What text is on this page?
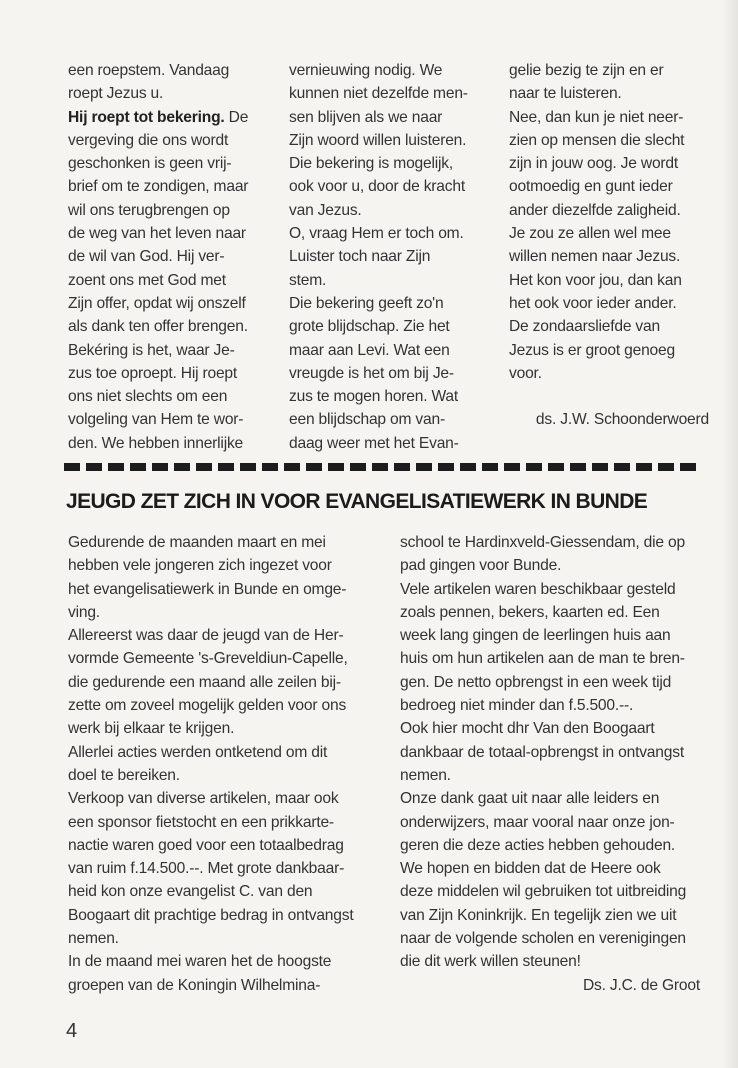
een roepstem. Vandaag

roept Jezus u.

Hij roept tot bekering. De

vergeving die ons wordt

geschonken is geen vrij-

brief om te zondigen, maar

wil ons terugbrengen op

de weg van het leven naar

de wil van God. Hij ver-

zoent ons met God met

Zijn offer, opdat wij onszelf

als dank ten offer brengen.

Bekéring is het, waar Je-

zus toe oproept. Hij roept

ons niet slechts om een

volgeling van Hem te wor-

den. We hebben innerlijke

vernieuwing nodig. We

kunnen niet dezelfde men-

sen blijven als we naar

Zijn woord willen luisteren.

Die bekering is mogelijk,

ook voor u, door de kracht

van Jezus.

O, vraag Hem er toch om.

Luister toch naar Zijn

stem.

Die bekering geeft zo'n

grote blijdschap. Zie het

maar aan Levi. Wat een

vreugde is het om bij Je-

zus te mogen horen. Wat

een blijdschap om van-

daag weer met het Evan-

gelie bezig te zijn en er

naar te luisteren.

Nee, dan kun je niet neer-

zien op mensen die slecht

zijn in jouw oog. Je wordt

ootmoedig en gunt ieder

ander diezelfde zaligheid.

Je zou ze allen wel mee

willen nemen naar Jezus.

Het kon voor jou, dan kan

het ook voor ieder ander.

De zondaarsliefde van

Jezus is er groot genoeg

voor.

ds. J.W. Schoonderwoerd

JEUGD ZET ZICH IN VOOR EVANGELISATIEWERK IN BUNDE

Gedurende de maanden maart en mei

hebben vele jongeren zich ingezet voor

het evangelisatiewerk in Bunde en omge-

ving.

Allereerst was daar de jeugd van de Her-

vormde Gemeente 's-Greveldiun-Capelle,

die gedurende een maand alle zeilen bij-

zette om zoveel mogelijk gelden voor ons

werk bij elkaar te krijgen.

Allerlei acties werden ontketend om dit

doel te bereiken.

Verkoop van diverse artikelen, maar ook

een sponsor fietstocht en een prikkarte-

nactie waren goed voor een totaalbedrag

van ruim f.14.500.--. Met grote dankbaar-

heid kon onze evangelist C. van den

Boogaart dit prachtige bedrag in ontvangst

nemen.

In de maand mei waren het de hoogste

groepen van de Koningin Wilhelmina-

school te Hardinxveld-Giessendam, die op

pad gingen voor Bunde.

Vele artikelen waren beschikbaar gesteld

zoals pennen, bekers, kaarten ed. Een

week lang gingen de leerlingen huis aan

huis om hun artikelen aan de man te bren-

gen. De netto opbrengst in een week tijd

bedroeg niet minder dan f.5.500.--.

Ook hier mocht dhr Van den Boogaart

dankbaar de totaal-opbrengst in ontvangst

nemen.

Onze dank gaat uit naar alle leiders en

onderwijzers, maar vooral naar onze jon-

geren die deze acties hebben gehouden.

We hopen en bidden dat de Heere ook

deze middelen wil gebruiken tot uitbreiding

van Zijn Koninkrijk. En tegelijk zien we uit

naar de volgende scholen en verenigingen

die dit werk willen steunen!

Ds. J.C. de Groot

4
